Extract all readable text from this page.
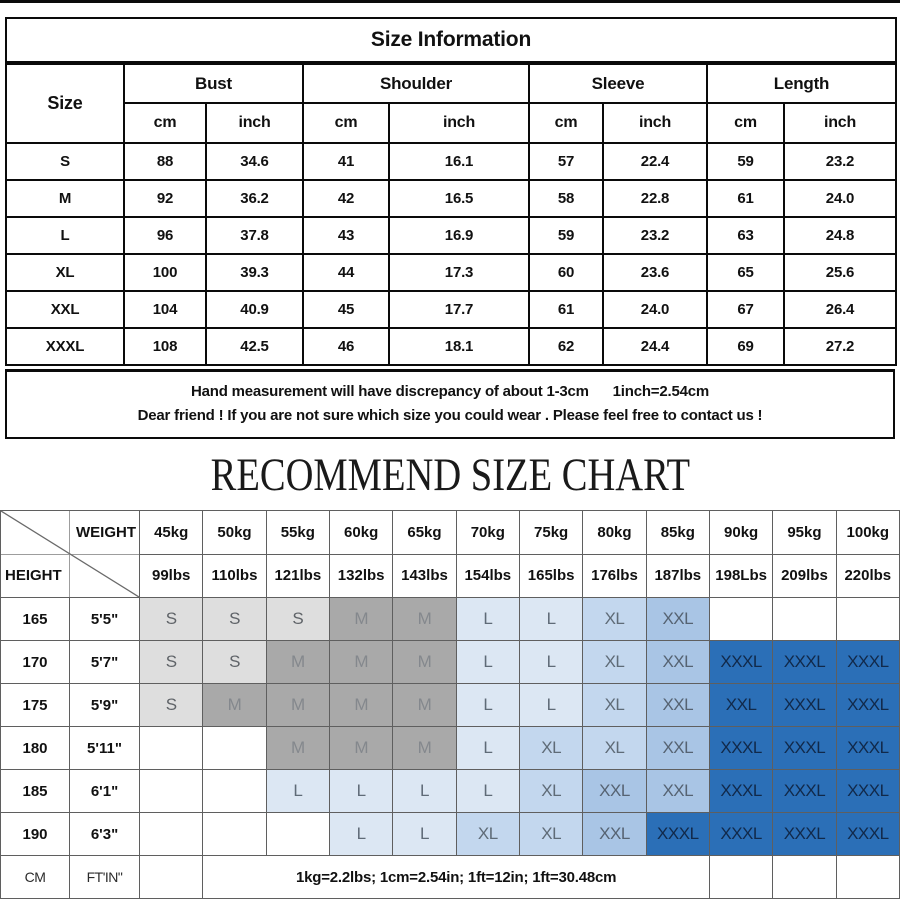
Size Information								
Size	Bust		Shoulder		Sleeve		Length	
	cm	inch	cm	inch	cm	inch	cm	inch
S	88	34.6	41	16.1	57	22.4	59	23.2
M	92	36.2	42	16.5	58	22.8	61	24.0
L	96	37.8	43	16.9	59	23.2	63	24.8
XL	100	39.3	44	17.3	60	23.6	65	25.6
XXL	104	40.9	45	17.7	61	24.0	67	26.4
XXXL	108	42.5	46	18.1	62	24.4	69	27.2
Hand measurement will have discrepancy of about 1-3cm      1inch=2.54cm
Dear friend ! If you are not sure which size you could wear . Please feel free to contact us !
RECOMMEND SIZE CHART
WEIGHT
HEIGHT		45kg	50kg	55kg	60kg	65kg	70kg	75kg	80kg	85kg	90kg	95kg	100kg
		99lbs	110lbs	121lbs	132lbs	143lbs	154lbs	165lbs	176lbs	187lbs	198Lbs	209lbs	220lbs
165	5'5"	S	S	S	M	M	L	L	XL	XXL			
170	5'7"	S	S	M	M	M	L	L	XL	XXL	XXXL	XXXL	XXXL
175	5'9"	S	M	M	M	M	L	L	XL	XXL	XXL	XXXL	XXXL
180	5'11"			M	M	M	L	XL	XL	XXL	XXXL	XXXL	XXXL
185	6'1"			L	L	L	L	XL	XXL	XXL	XXXL	XXXL	XXXL
190	6'3"				L	L	XL	XL	XXL	XXXL	XXXL	XXXL	XXXL
CM	FT'IN"		1kg=2.2lbs; 1cm=2.54in; 1ft=12in; 1ft=30.48cm										
